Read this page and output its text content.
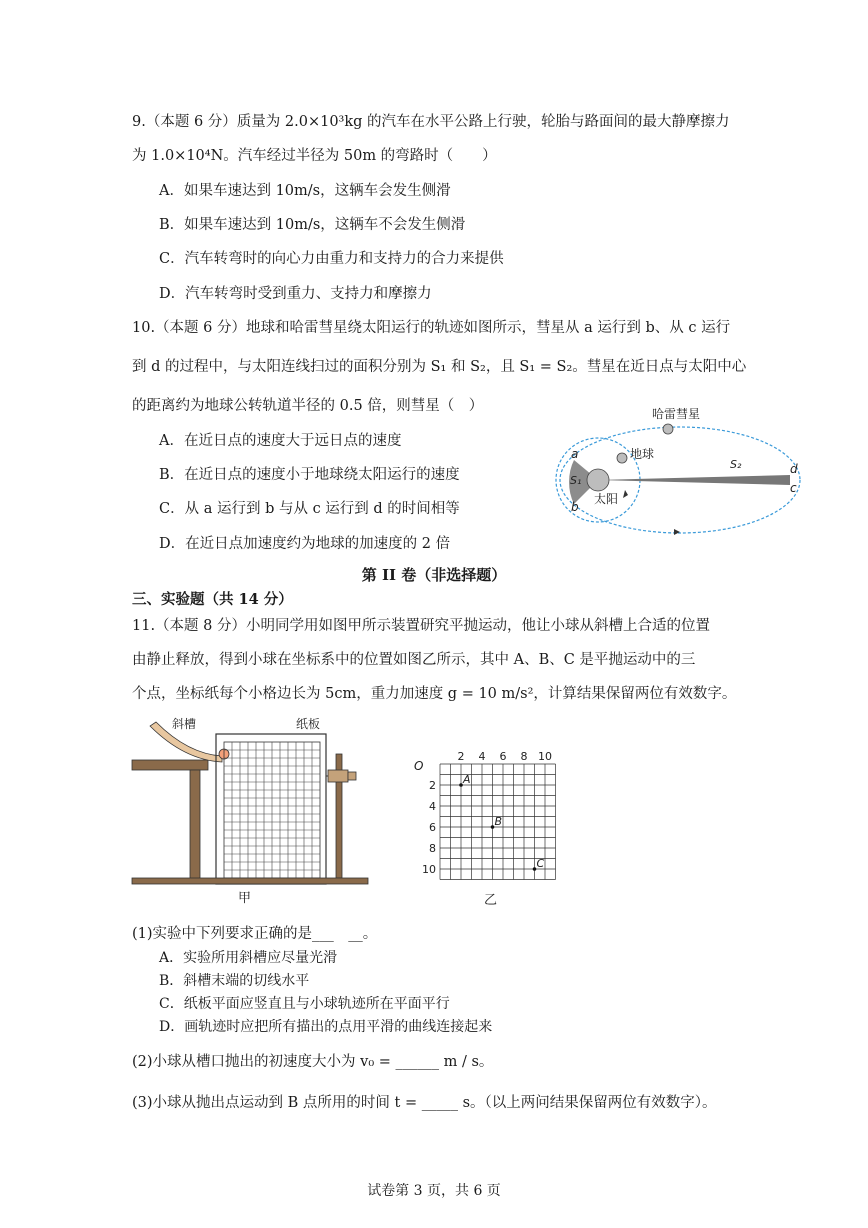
9.（本题 6 分）质量为 2.0×10³kg 的汽车在水平公路上行驶，轮胎与路面间的最大静摩擦力
为 1.0×10⁴N。汽车经过半径为 50m 的弯路时（　　）
A．如果车速达到 10m/s，这辆车会发生侧滑
B．如果车速达到 10m/s，这辆车不会发生侧滑
C．汽车转弯时的向心力由重力和支持力的合力来提供
D．汽车转弯时受到重力、支持力和摩擦力
10.（本题 6 分）地球和哈雷彗星绕太阳运行的轨迹如图所示，彗星从 a 运行到 b、从 c 运行
到 d 的过程中，与太阳连线扫过的面积分别为 S₁ 和 S₂，且 S₁ = S₂。彗星在近日点与太阳中心
的距离约为地球公转轨道半径的 0.5 倍，则彗星（　）
A．在近日点的速度大于远日点的速度
B．在近日点的速度小于地球绕太阳运行的速度
C．从 a 运行到 b 与从 c 运行到 d 的时间相等
D．在近日点加速度约为地球的加速度的 2 倍
哈雷彗星
地球
太阳
S₁
S₂
a
b
d
c
第 II 卷（非选择题）
三、实验题（共 14 分）
11.（本题 8 分）小明同学用如图甲所示装置研究平抛运动，他让小球从斜槽上合适的位置
由静止释放，得到小球在坐标系中的位置如图乙所示，其中 A、B、C 是平抛运动中的三
个点，坐标纸每个小格边长为 5cm，重力加速度 g = 10 m/s²，计算结果保留两位有效数字。
斜槽	纸板
甲
O
2 4 6 8 10
2
4
6
8
10
A
B
C
乙
(1)实验中下列要求正确的是___　__。
A．实验所用斜槽应尽量光滑
B．斜槽末端的切线水平
C．纸板平面应竖直且与小球轨迹所在平面平行
D．画轨迹时应把所有描出的点用平滑的曲线连接起来
(2)小球从槽口抛出的初速度大小为 v₀ = ______ m / s。
(3)小球从抛出点运动到 B 点所用的时间 t = _____ s。（以上两问结果保留两位有效数字）。
试卷第 3 页，共 6 页
